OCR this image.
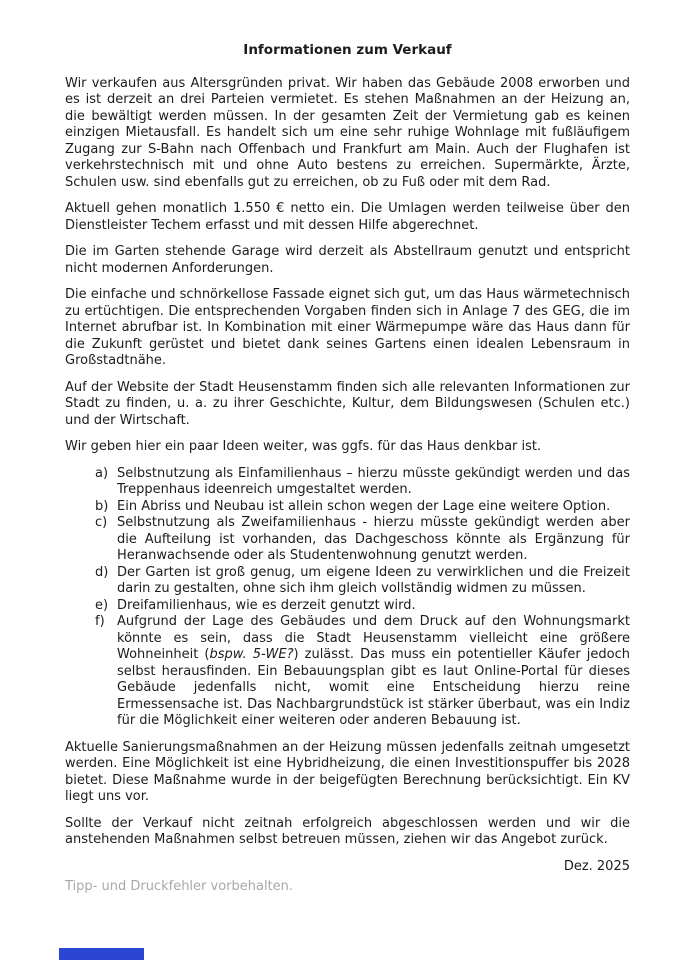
Informationen zum Verkauf

Wir verkaufen aus Altersgründen privat. Wir haben das Gebäude 2008 erworben und es ist derzeit an drei Parteien vermietet. Es stehen Maßnahmen an der Heizung an, die bewältigt werden müssen. In der gesamten Zeit der Vermietung gab es keinen einzigen Mietausfall. Es handelt sich um eine sehr ruhige Wohnlage mit fußläufigem Zugang zur S-Bahn nach Offenbach und Frankfurt am Main. Auch der Flughafen ist verkehrstechnisch mit und ohne Auto bestens zu erreichen. Supermärkte, Ärzte, Schulen usw. sind ebenfalls gut zu erreichen, ob zu Fuß oder mit dem Rad.

Aktuell gehen monatlich 1.550 € netto ein. Die Umlagen werden teilweise über den Dienstleister Techem erfasst und mit dessen Hilfe abgerechnet.

Die im Garten stehende Garage wird derzeit als Abstellraum genutzt und entspricht nicht modernen Anforderungen.

Die einfache und schnörkellose Fassade eignet sich gut, um das Haus wärmetechnisch zu ertüchtigen. Die entsprechenden Vorgaben finden sich in Anlage 7 des GEG, die im Internet abrufbar ist. In Kombination mit einer Wärmepumpe wäre das Haus dann für die Zukunft gerüstet und bietet dank seines Gartens einen idealen Lebensraum in Großstadtnähe.

Auf der Website der Stadt Heusenstamm finden sich alle relevanten Informationen zur Stadt zu finden, u. a. zu ihrer Geschichte, Kultur, dem Bildungswesen (Schulen etc.) und der Wirtschaft.

Wir geben hier ein paar Ideen weiter, was ggfs. für das Haus denkbar ist.

a) Selbstnutzung als Einfamilienhaus – hierzu müsste gekündigt werden und das Treppenhaus ideenreich umgestaltet werden.
b) Ein Abriss und Neubau ist allein schon wegen der Lage eine weitere Option.
c) Selbstnutzung als Zweifamilienhaus - hierzu müsste gekündigt werden aber die Aufteilung ist vorhanden, das Dachgeschoss könnte als Ergänzung für Heranwachsende oder als Studentenwohnung genutzt werden.
d) Der Garten ist groß genug, um eigene Ideen zu verwirklichen und die Freizeit darin zu gestalten, ohne sich ihm gleich vollständig widmen zu müssen.
e) Dreifamilienhaus, wie es derzeit genutzt wird.
f) Aufgrund der Lage des Gebäudes und dem Druck auf den Wohnungsmarkt könnte es sein, dass die Stadt Heusenstamm vielleicht eine größere Wohneinheit (bspw. 5-WE?) zulässt. Das muss ein potentieller Käufer jedoch selbst herausfinden. Ein Bebauungsplan gibt es laut Online-Portal für dieses Gebäude jedenfalls nicht, womit eine Entscheidung hierzu reine Ermessensache ist. Das Nachbargrundstück ist stärker überbaut, was ein Indiz für die Möglichkeit einer weiteren oder anderen Bebauung ist.

Aktuelle Sanierungsmaßnahmen an der Heizung müssen jedenfalls zeitnah umgesetzt werden. Eine Möglichkeit ist eine Hybridheizung, die einen Investitionspuffer bis 2028 bietet. Diese Maßnahme wurde in der beigefügten Berechnung berücksichtigt. Ein KV liegt uns vor.

Sollte der Verkauf nicht zeitnah erfolgreich abgeschlossen werden und wir die anstehenden Maßnahmen selbst betreuen müssen, ziehen wir das Angebot zurück.

Dez. 2025
Tipp- und Druckfehler vorbehalten.
